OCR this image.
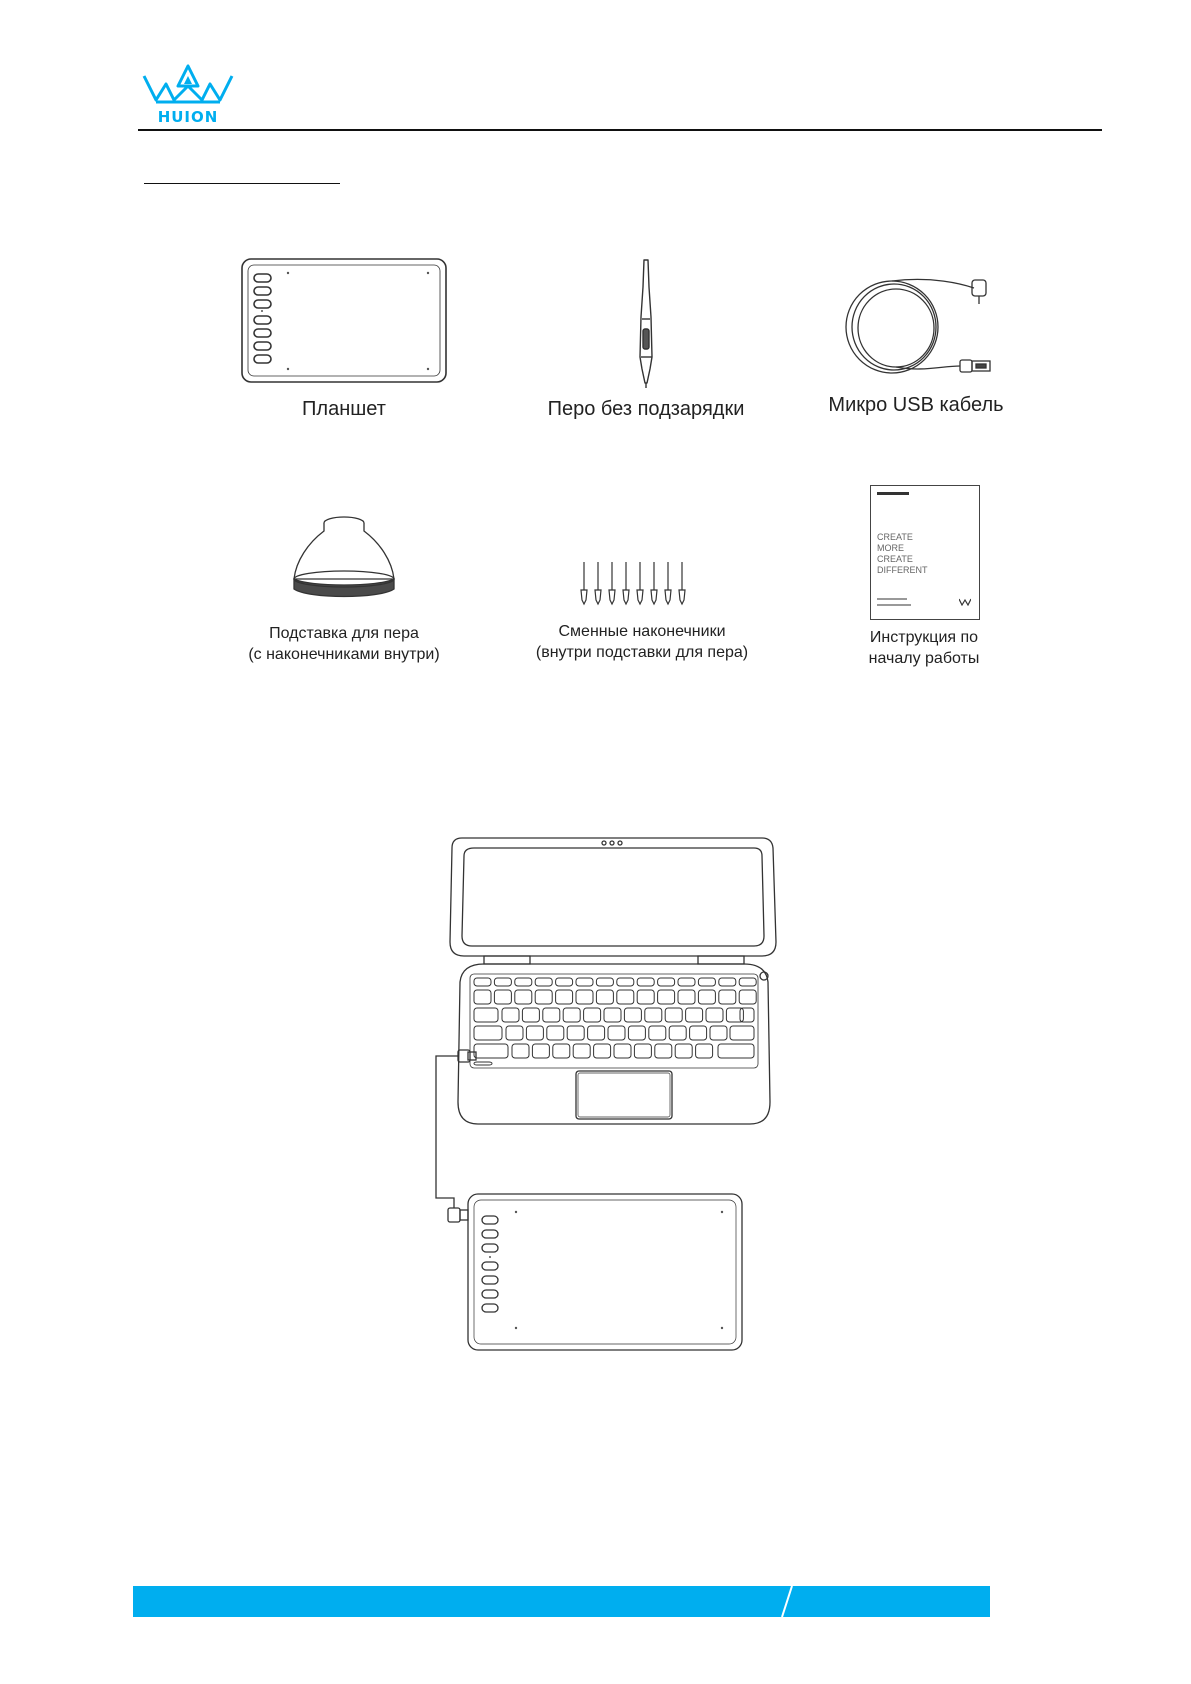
HUION
Планшет	Перо без подзарядки	Микро USB кабель
Подставка для пера
(с наконечниками внутри)
Сменные наконечники
(внутри подставки для пера)
CREATE
MORE
CREATE
DIFFERENT
Инструкция по
началу работы
